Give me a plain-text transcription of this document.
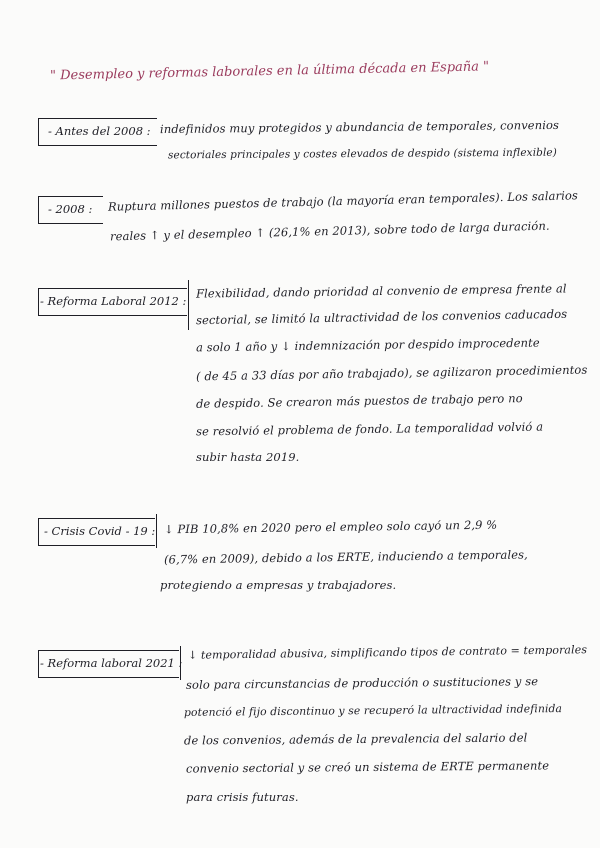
" Desempleo y reformas laborales en la última década en España "
- Antes del 2008 : indefinidos muy protegidos y abundancia de temporales, convenios
sectoriales principales y costes elevados de despido (sistema inflexible)
- 2008 : Ruptura millones puestos de trabajo (la mayoría eran temporales). Los salarios
reales ↑ y el desempleo ↑ (26,1% en 2013), sobre todo de larga duración.
- Reforma Laboral 2012 :
Flexibilidad, dando prioridad al convenio de empresa frente al
sectorial, se limitó la ultractividad de los convenios caducados
a solo 1 año y ↓ indemnización por despido improcedente
( de 45 a 33 días por año trabajado), se agilizaron procedimientos
de despido. Se crearon más puestos de trabajo pero no
se resolvió el problema de fondo. La temporalidad volvió a
subir hasta 2019.
- Crisis Covid - 19 : ↓ PIB 10,8% en 2020 pero el empleo solo cayó un 2,9 %
(6,7% en 2009), debido a los ERTE, induciendo a temporales,
protegiendo a empresas y trabajadores.
- Reforma laboral 2021 :
↓ temporalidad abusiva, simplificando tipos de contrato = temporales
solo para circunstancias de producción o sustituciones y se
potenció el fijo discontinuo y se recuperó la ultractividad indefinida
de los convenios, además de la prevalencia del salario del
convenio sectorial y se creó un sistema de ERTE permanente
para crisis futuras.
